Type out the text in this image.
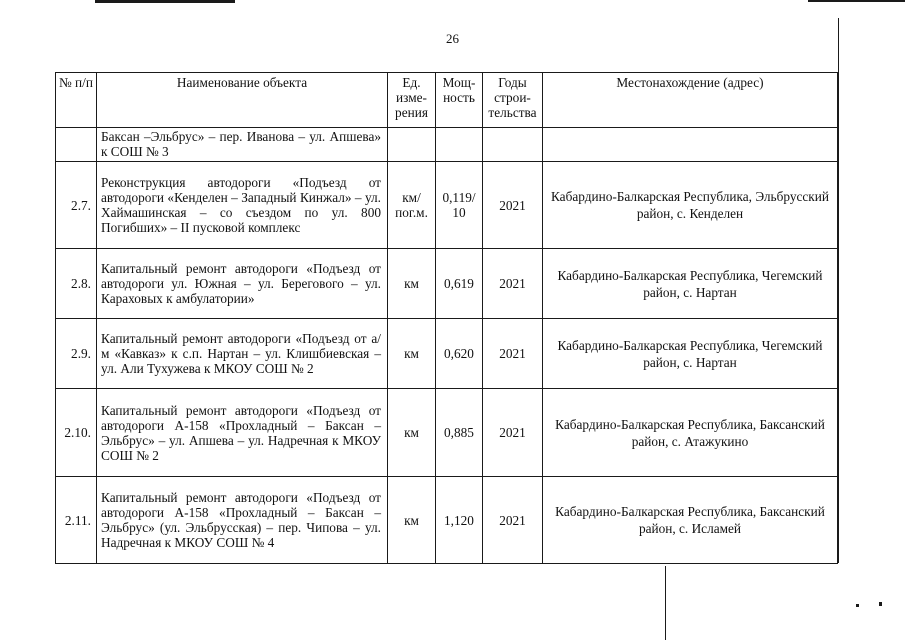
26
№ п/п	Наименование объекта	Ед. изме-рения	Мощ-ность	Годы строи-тельства	Местонахождение (адрес)
	Баксан –Эльбрус» – пер. Иванова – ул. Апшева» к СОШ № 3				
2.7.	Реконструкция автодороги «Подъезд от автодороги «Кенделен – Западный Кинжал» – ул. Хаймашинская – со съездом по ул. 800 Погибших» – II пусковой комплекс	км/ пог.м.	0,119/ 10	2021	Кабардино-Балкарская Республика, Эльбрусский район, с. Кенделен
2.8.	Капитальный ремонт автодороги «Подъезд от автодороги ул. Южная – ул. Берегового – ул. Караховых к амбулатории»	км	0,619	2021	Кабардино-Балкарская Республика, Чегемский район, с. Нартан
2.9.	Капитальный ремонт автодороги «Подъезд от а/м «Кавказ» к с.п. Нартан – ул. Клишбиевская – ул. Али Тухужева к МКОУ СОШ № 2	км	0,620	2021	Кабардино-Балкарская Республика, Чегемский район, с. Нартан
2.10.	Капитальный ремонт автодороги «Подъезд от автодороги А-158 «Прохладный – Баксан – Эльбрус» – ул. Апшева – ул. Надречная к МКОУ СОШ № 2	км	0,885	2021	Кабардино-Балкарская Республика, Баксанский район, с. Атажукино
2.11.	Капитальный ремонт автодороги «Подъезд от автодороги А-158 «Прохладный – Баксан – Эльбрус» (ул. Эльбрусская) – пер. Чипова – ул. Надречная к МКОУ СОШ № 4	км	1,120	2021	Кабардино-Балкарская Республика, Баксанский район, с. Исламей
